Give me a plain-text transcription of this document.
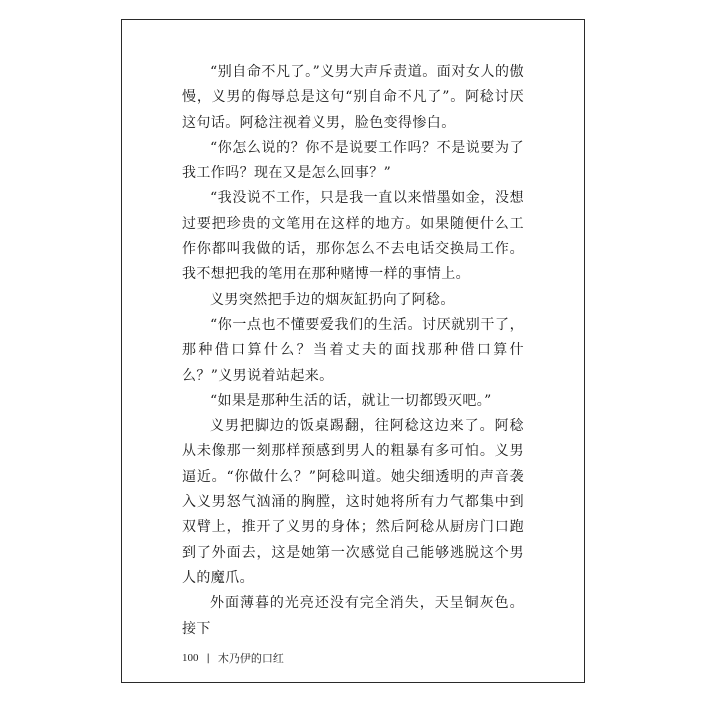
“别自命不凡了。”义男大声斥责道。面对女人的傲慢，义男的侮辱总是这句“别自命不凡了”。阿稔讨厌这句话。阿稔注视着义男，脸色变得惨白。

“你怎么说的？你不是说要工作吗？不是说要为了我工作吗？现在又是怎么回事？”

“我没说不工作，只是我一直以来惜墨如金，没想过要把珍贵的文笔用在这样的地方。如果随便什么工作你都叫我做的话，那你怎么不去电话交换局工作。我不想把我的笔用在那种赌博一样的事情上。

义男突然把手边的烟灰缸扔向了阿稔。

“你一点也不懂要爱我们的生活。讨厌就别干了，那种借口算什么？当着丈夫的面找那种借口算什么？”义男说着站起来。

“如果是那种生活的话，就让一切都毁灭吧。”

义男把脚边的饭桌踢翻，往阿稔这边来了。阿稔从未像那一刻那样预感到男人的粗暴有多可怕。义男逼近。“你做什么？”阿稔叫道。她尖细透明的声音袭入义男怒气汹涌的胸膛，这时她将所有力气都集中到双臂上，推开了义男的身体；然后阿稔从厨房门口跑到了外面去，这是她第一次感觉自己能够逃脱这个男人的魔爪。

外面薄暮的光亮还没有完全消失，天呈铜灰色。接下

100 | 木乃伊的口红
